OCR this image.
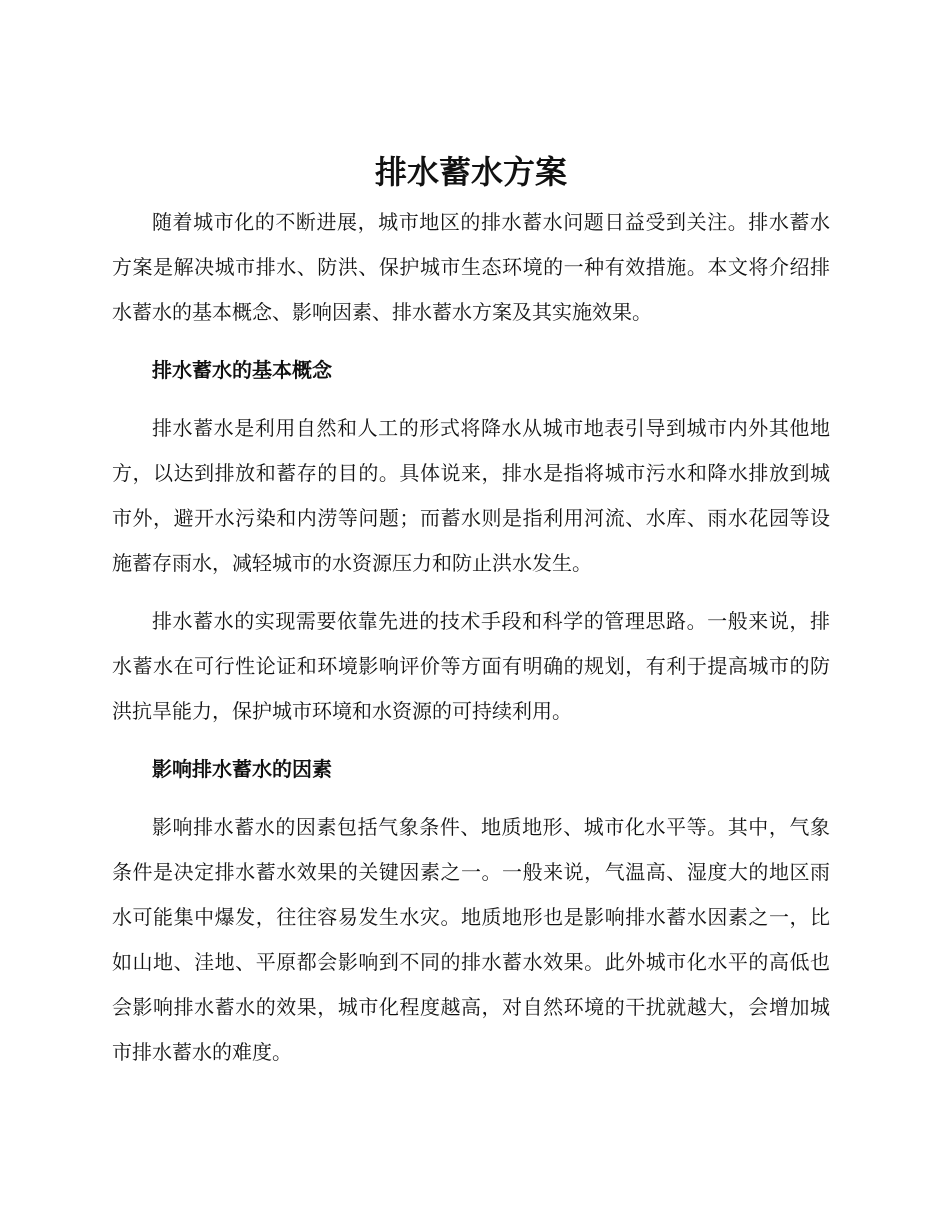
排水蓄水方案

随着城市化的不断进展，城市地区的排水蓄水问题日益受到关注。排水蓄水方案是解决城市排水、防洪、保护城市生态环境的一种有效措施。本文将介绍排水蓄水的基本概念、影响因素、排水蓄水方案及其实施效果。

排水蓄水的基本概念

排水蓄水是利用自然和人工的形式将降水从城市地表引导到城市内外其他地方，以达到排放和蓄存的目的。具体说来，排水是指将城市污水和降水排放到城市外，避开水污染和内涝等问题；而蓄水则是指利用河流、水库、雨水花园等设施蓄存雨水，减轻城市的水资源压力和防止洪水发生。

排水蓄水的实现需要依靠先进的技术手段和科学的管理思路。一般来说，排水蓄水在可行性论证和环境影响评价等方面有明确的规划，有利于提高城市的防洪抗旱能力，保护城市环境和水资源的可持续利用。

影响排水蓄水的因素

影响排水蓄水的因素包括气象条件、地质地形、城市化水平等。其中，气象条件是决定排水蓄水效果的关键因素之一。一般来说，气温高、湿度大的地区雨水可能集中爆发，往往容易发生水灾。地质地形也是影响排水蓄水因素之一，比如山地、洼地、平原都会影响到不同的排水蓄水效果。此外城市化水平的高低也会影响排水蓄水的效果，城市化程度越高，对自然环境的干扰就越大，会增加城市排水蓄水的难度。
